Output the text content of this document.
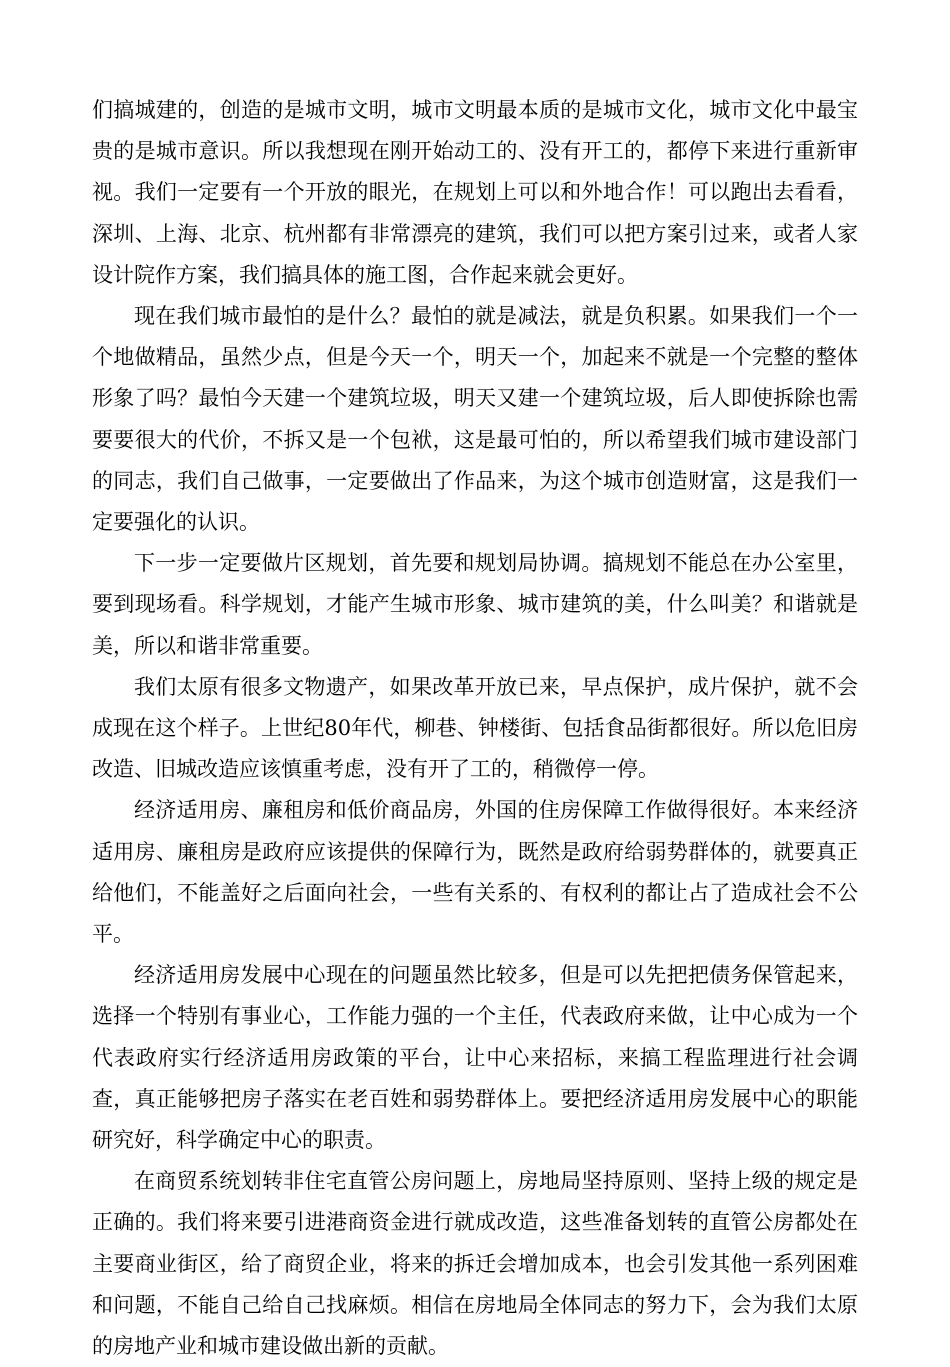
们搞城建的，创造的是城市文明，城市文明最本质的是城市文化，城市文化中最宝贵的是城市意识。所以我想现在刚开始动工的、没有开工的，都停下来进行重新审视。我们一定要有一个开放的眼光，在规划上可以和外地合作！可以跑出去看看，深圳、上海、北京、杭州都有非常漂亮的建筑，我们可以把方案引过来，或者人家设计院作方案，我们搞具体的施工图，合作起来就会更好。

现在我们城市最怕的是什么？最怕的就是减法，就是负积累。如果我们一个一个地做精品，虽然少点，但是今天一个，明天一个，加起来不就是一个完整的整体形象了吗？最怕今天建一个建筑垃圾，明天又建一个建筑垃圾，后人即使拆除也需要要很大的代价，不拆又是一个包袱，这是最可怕的，所以希望我们城市建设部门的同志，我们自己做事，一定要做出了作品来，为这个城市创造财富，这是我们一定要强化的认识。

下一步一定要做片区规划，首先要和规划局协调。搞规划不能总在办公室里，要到现场看。科学规划，才能产生城市形象、城市建筑的美，什么叫美？和谐就是美，所以和谐非常重要。

我们太原有很多文物遗产，如果改革开放已来，早点保护，成片保护，就不会成现在这个样子。上世纪80年代，柳巷、钟楼街、包括食品街都很好。所以危旧房改造、旧城改造应该慎重考虑，没有开了工的，稍微停一停。

经济适用房、廉租房和低价商品房，外国的住房保障工作做得很好。本来经济适用房、廉租房是政府应该提供的保障行为，既然是政府给弱势群体的，就要真正给他们，不能盖好之后面向社会，一些有关系的、有权利的都让占了造成社会不公平。

经济适用房发展中心现在的问题虽然比较多，但是可以先把把债务保管起来，选择一个特别有事业心，工作能力强的一个主任，代表政府来做，让中心成为一个代表政府实行经济适用房政策的平台，让中心来招标，来搞工程监理进行社会调查，真正能够把房子落实在老百姓和弱势群体上。要把经济适用房发展中心的职能研究好，科学确定中心的职责。

在商贸系统划转非住宅直管公房问题上，房地局坚持原则、坚持上级的规定是正确的。我们将来要引进港商资金进行就成改造，这些准备划转的直管公房都处在主要商业街区，给了商贸企业，将来的拆迁会增加成本，也会引发其他一系列困难和问题，不能自己给自己找麻烦。相信在房地局全体同志的努力下，会为我们太原的房地产业和城市建设做出新的贡献。
